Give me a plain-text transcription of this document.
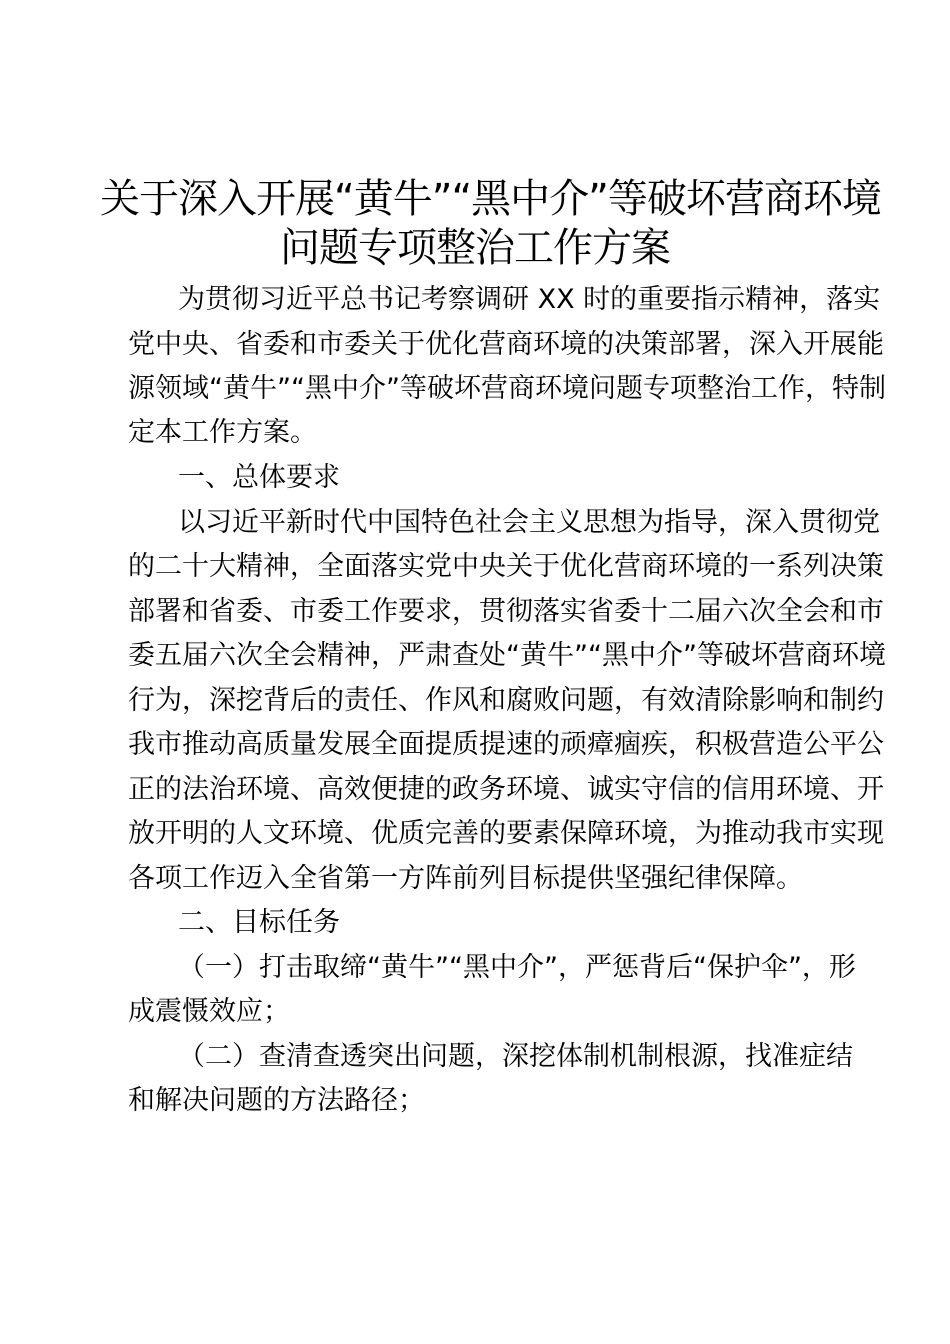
关于深入开展“黄牛”“黑中介”等破坏营商环境
问题专项整治工作方案
为贯彻习近平总书记考察调研 XX 时的重要指示精神，落实
党中央、省委和市委关于优化营商环境的决策部署，深入开展能
源领域“黄牛”“黑中介”等破坏营商环境问题专项整治工作，特制
定本工作方案。
一、总体要求
以习近平新时代中国特色社会主义思想为指导，深入贯彻党
的二十大精神，全面落实党中央关于优化营商环境的一系列决策
部署和省委、市委工作要求，贯彻落实省委十二届六次全会和市
委五届六次全会精神，严肃查处“黄牛”“黑中介”等破坏营商环境
行为，深挖背后的责任、作风和腐败问题，有效清除影响和制约
我市推动高质量发展全面提质提速的顽瘴痼疾，积极营造公平公
正的法治环境、高效便捷的政务环境、诚实守信的信用环境、开
放开明的人文环境、优质完善的要素保障环境，为推动我市实现
各项工作迈入全省第一方阵前列目标提供坚强纪律保障。
二、目标任务
（一）打击取缔“黄牛”“黑中介”，严惩背后“保护伞”，形
成震慑效应；
（二）查清查透突出问题，深挖体制机制根源，找准症结
和解决问题的方法路径；
